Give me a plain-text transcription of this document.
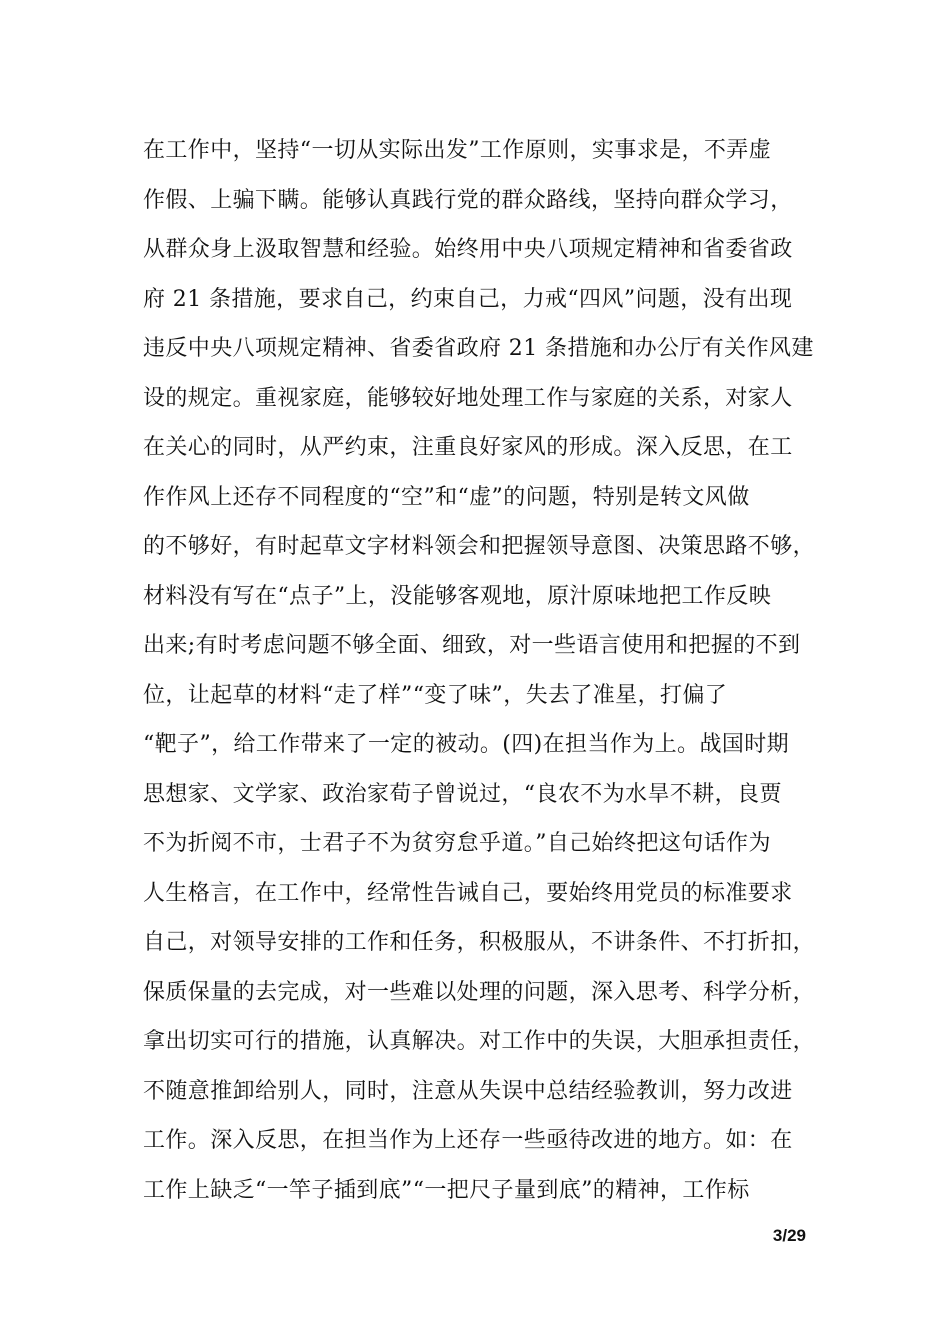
在工作中，坚持“一切从实际出发”工作原则，实事求是，不弄虚
作假、上骗下瞒。能够认真践行党的群众路线，坚持向群众学习，
从群众身上汲取智慧和经验。始终用中央八项规定精神和省委省政
府 21 条措施，要求自己，约束自己，力戒“四风”问题，没有出现
违反中央八项规定精神、省委省政府 21 条措施和办公厅有关作风建
设的规定。重视家庭，能够较好地处理工作与家庭的关系，对家人
在关心的同时，从严约束，注重良好家风的形成。深入反思，在工
作作风上还存不同程度的“空”和“虚”的问题，特别是转文风做
的不够好，有时起草文字材料领会和把握领导意图、决策思路不够，
材料没有写在“点子”上，没能够客观地，原汁原味地把工作反映
出来;有时考虑问题不够全面、细致，对一些语言使用和把握的不到
位，让起草的材料“走了样”“变了味”，失去了准星，打偏了
“靶子”，给工作带来了一定的被动。(四)在担当作为上。战国时期
思想家、文学家、政治家荀子曾说过，“良农不为水旱不耕，良贾
不为折阅不市，士君子不为贫穷怠乎道。”自己始终把这句话作为
人生格言，在工作中，经常性告诫自己，要始终用党员的标准要求
自己，对领导安排的工作和任务，积极服从，不讲条件、不打折扣，
保质保量的去完成，对一些难以处理的问题，深入思考、科学分析，
拿出切实可行的措施，认真解决。对工作中的失误，大胆承担责任，
不随意推卸给别人，同时，注意从失误中总结经验教训，努力改进
工作。深入反思，在担当作为上还存一些亟待改进的地方。如：在
工作上缺乏“一竿子插到底”“一把尺子量到底”的精神，工作标
3/29
